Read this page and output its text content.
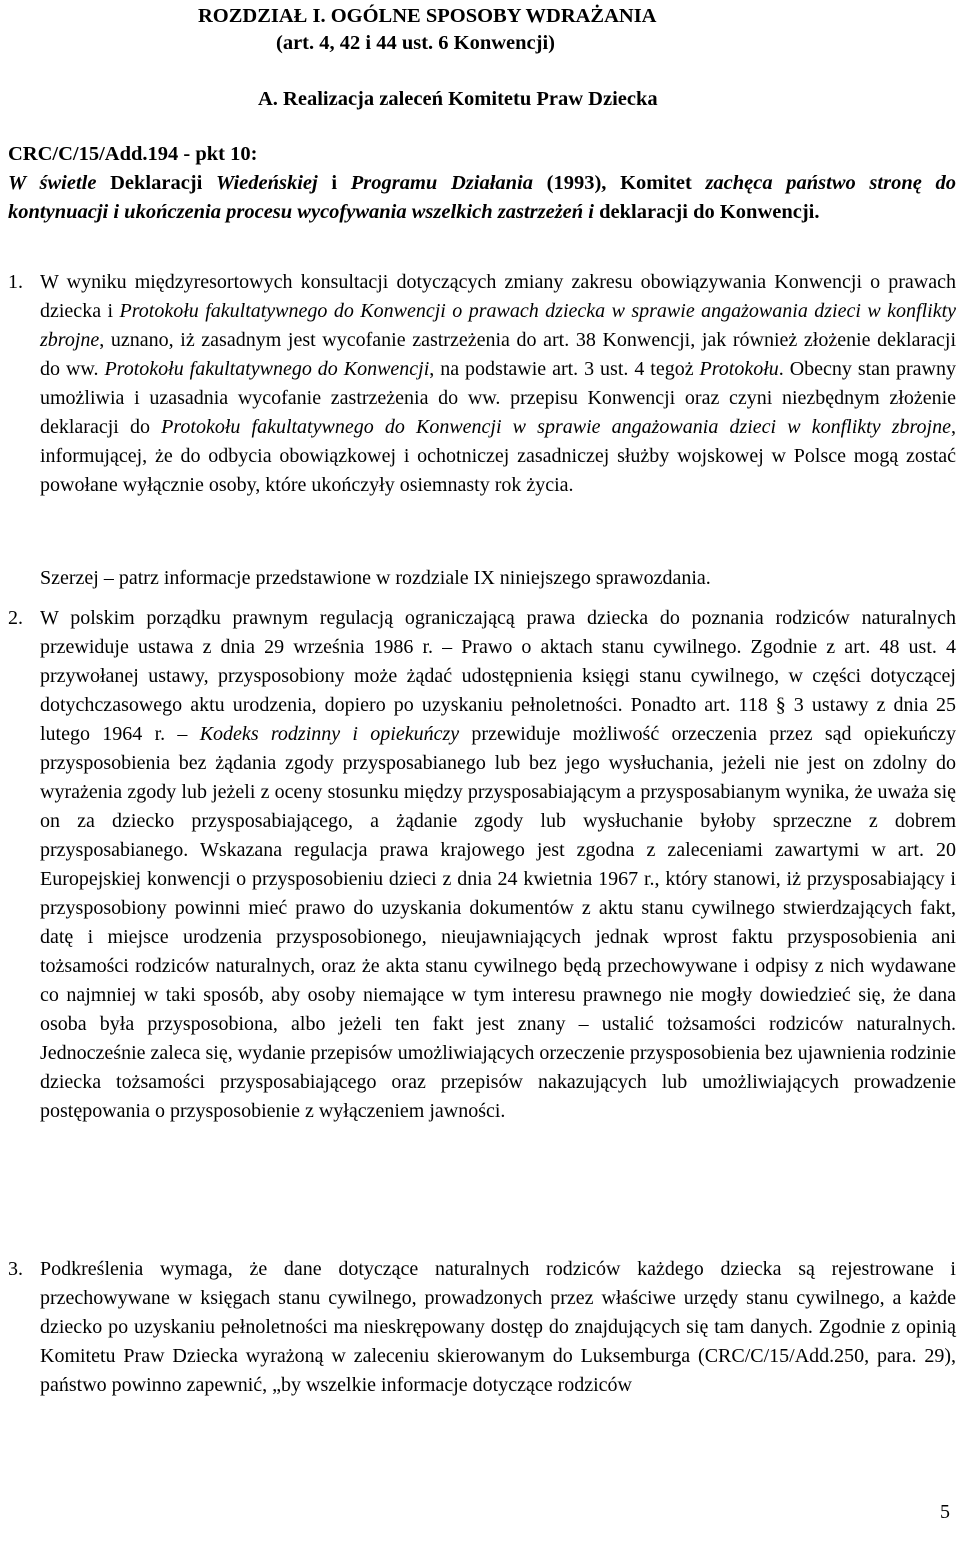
ROZDZIAŁ I. OGÓLNE SPOSOBY WDRAŻANIA
(art. 4, 42 i 44 ust. 6 Konwencji)
A. Realizacja zaleceń Komitetu Praw Dziecka
CRC/C/15/Add.194 - pkt 10:
W świetle Deklaracji Wiedeńskiej i Programu Działania (1993), Komitet zachęca państwo stronę do kontynuacji i ukończenia procesu wycofywania wszelkich zastrzeżeń i deklaracji do Konwencji.
1. W wyniku międzyresortowych konsultacji dotyczących zmiany zakresu obowiązywania Konwencji o prawach dziecka i Protokołu fakultatywnego do Konwencji o prawach dziecka w sprawie angażowania dzieci w konflikty zbrojne, uznano, iż zasadnym jest wycofanie zastrzeżenia do art. 38 Konwencji, jak również złożenie deklaracji do ww. Protokołu fakultatywnego do Konwencji, na podstawie art. 3 ust. 4 tegoż Protokołu. Obecny stan prawny umożliwia i uzasadnia wycofanie zastrzeżenia do ww. przepisu Konwencji oraz czyni niezbędnym złożenie deklaracji do Protokołu fakultatywnego do Konwencji w sprawie angażowania dzieci w konflikty zbrojne, informującej, że do odbycia obowiązkowej i ochotniczej zasadniczej służby wojskowej w Polsce mogą zostać powołane wyłącznie osoby, które ukończyły osiemnasty rok życia.
Szerzej – patrz informacje przedstawione w rozdziale IX niniejszego sprawozdania.
2. W polskim porządku prawnym regulacją ograniczającą prawa dziecka do poznania rodziców naturalnych przewiduje ustawa z dnia 29 września 1986 r. – Prawo o aktach stanu cywilnego. Zgodnie z art. 48 ust. 4 przywołanej ustawy, przysposobiony może żądać udostępnienia księgi stanu cywilnego, w części dotyczącej dotychczasowego aktu urodzenia, dopiero po uzyskaniu pełnoletności. Ponadto art. 118 § 3 ustawy z dnia 25 lutego 1964 r. – Kodeks rodzinny i opiekuńczy przewiduje możliwość orzeczenia przez sąd opiekuńczy przysposobienia bez żądania zgody przysposabianego lub bez jego wysłuchania, jeżeli nie jest on zdolny do wyrażenia zgody lub jeżeli z oceny stosunku między przysposabiającym a przysposabianym wynika, że uważa się on za dziecko przysposabiającego, a żądanie zgody lub wysłuchanie byłoby sprzeczne z dobrem przysposabianego. Wskazana regulacja prawa krajowego jest zgodna z zaleceniami zawartymi w art. 20 Europejskiej konwencji o przysposobieniu dzieci z dnia 24 kwietnia 1967 r., który stanowi, iż przysposabiający i przysposobiony powinni mieć prawo do uzyskania dokumentów z aktu stanu cywilnego stwierdzających fakt, datę i miejsce urodzenia przysposobionego, nieujawniających jednak wprost faktu przysposobienia ani tożsamości rodziców naturalnych, oraz że akta stanu cywilnego będą przechowywane i odpisy z nich wydawane co najmniej w taki sposób, aby osoby niemające w tym interesu prawnego nie mogły dowiedzieć się, że dana osoba była przysposobiona, albo jeżeli ten fakt jest znany – ustalić tożsamości rodziców naturalnych. Jednocześnie zaleca się, wydanie przepisów umożliwiających orzeczenie przysposobienia bez ujawnienia rodzinie dziecka tożsamości przysposabiającego oraz przepisów nakazujących lub umożliwiających prowadzenie postępowania o przysposobienie z wyłączeniem jawności.
3. Podkreślenia wymaga, że dane dotyczące naturalnych rodziców każdego dziecka są rejestrowane i przechowywane w księgach stanu cywilnego, prowadzonych przez właściwe urzędy stanu cywilnego, a każde dziecko po uzyskaniu pełnoletności ma nieskrępowany dostęp do znajdujących się tam danych. Zgodnie z opinią Komitetu Praw Dziecka wyrażoną w zaleceniu skierowanym do Luksemburga (CRC/C/15/Add.250, para. 29), państwo powinno zapewnić, „by wszelkie informacje dotyczące rodziców
5
